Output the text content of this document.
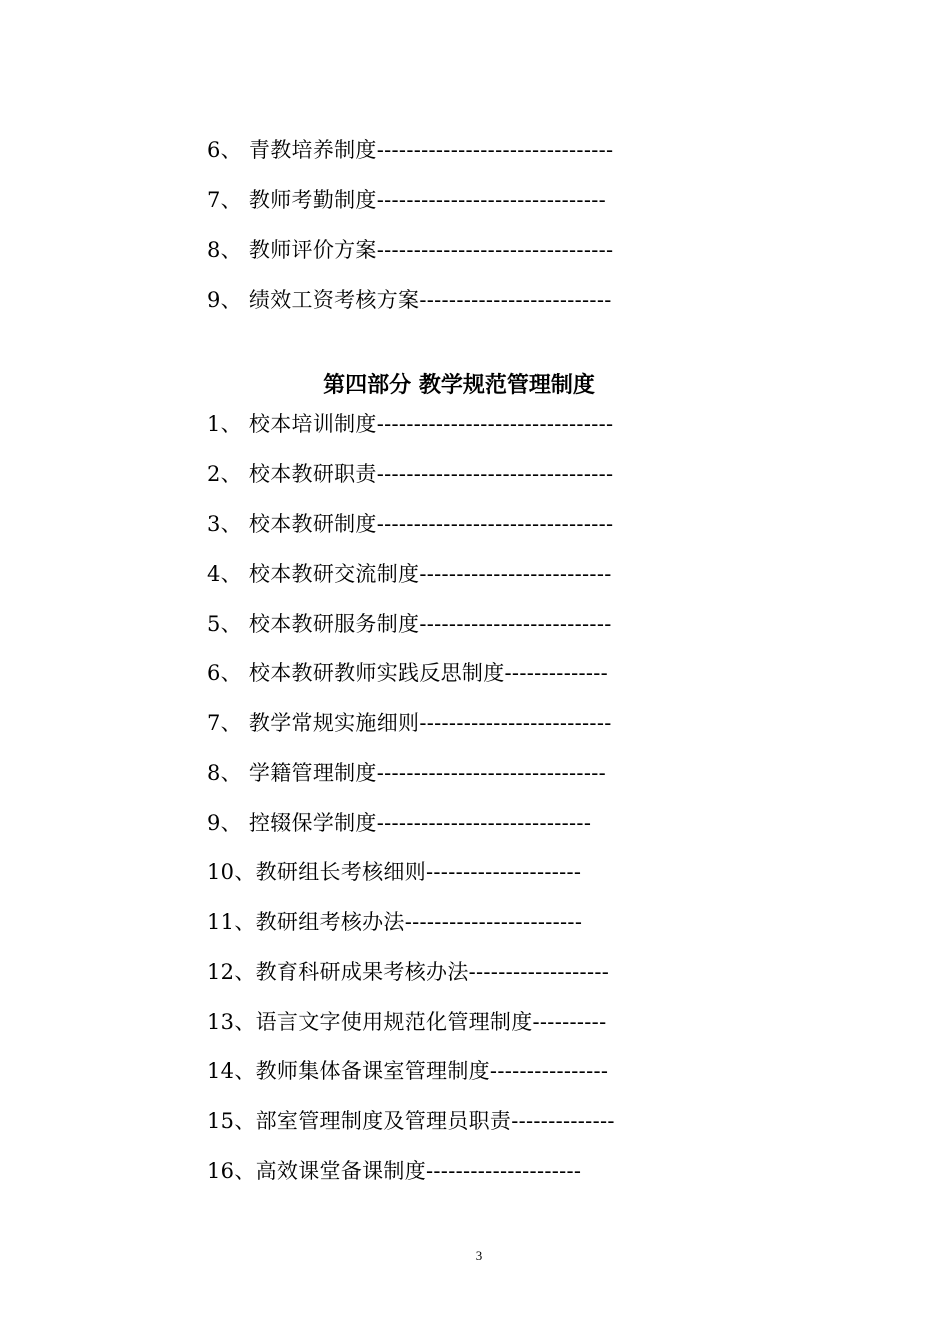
6、 青教培养制度--------------------------------
7、 教师考勤制度-------------------------------
8、 教师评价方案--------------------------------
9、 绩效工资考核方案--------------------------
第四部分 教学规范管理制度
1、 校本培训制度--------------------------------
2、 校本教研职责--------------------------------
3、 校本教研制度--------------------------------
4、 校本教研交流制度--------------------------
5、 校本教研服务制度--------------------------
6、 校本教研教师实践反思制度--------------
7、 教学常规实施细则--------------------------
8、 学籍管理制度-------------------------------
9、 控辍保学制度-----------------------------
10、教研组长考核细则---------------------
11、教研组考核办法------------------------
12、教育科研成果考核办法-------------------
13、语言文字使用规范化管理制度----------
14、教师集体备课室管理制度----------------
15、部室管理制度及管理员职责--------------
16、高效课堂备课制度---------------------
3
